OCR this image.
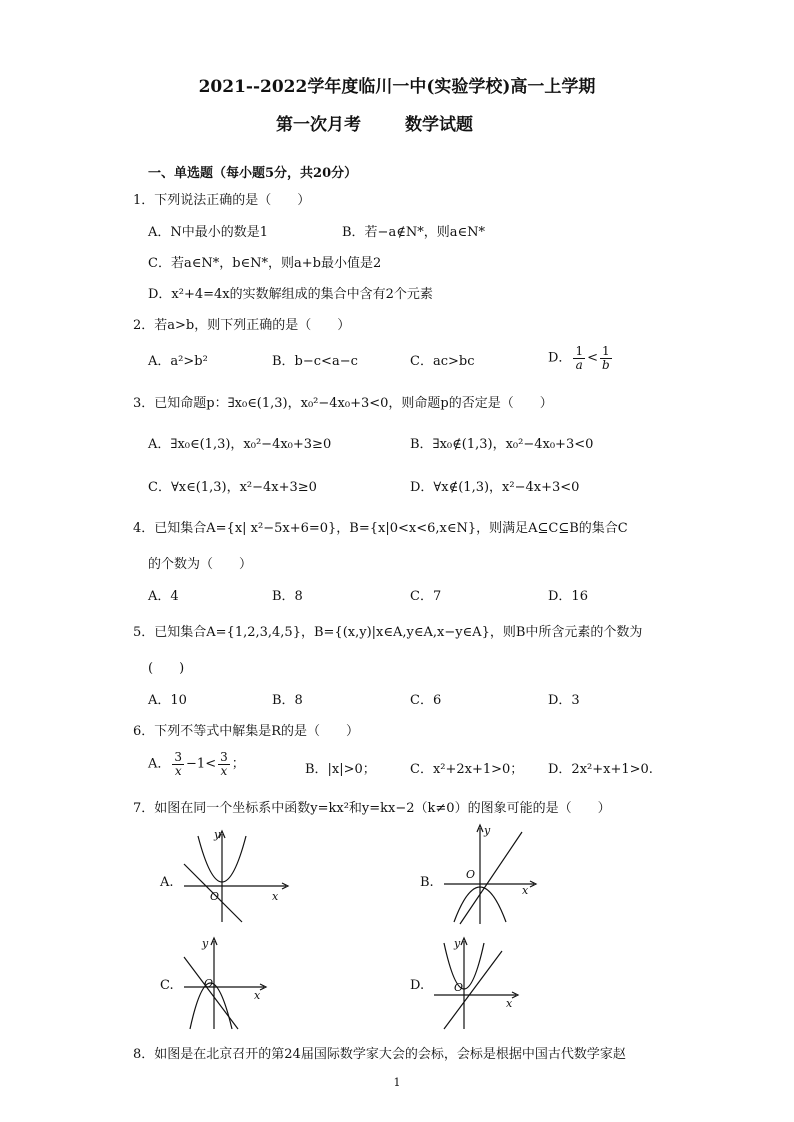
2021--2022学年度临川一中(实验学校)高一上学期
第一次月考	数学试题
一、单选题（每小题5分，共20分）
1．下列说法正确的是（　　）
A．N中最小的数是1	B．若−a∉N*，则a∈N*
C．若a∈N*，b∈N*，则a+b最小值是2
D．x²+4=4x的实数解组成的集合中含有2个元素
2．若a>b，则下列正确的是（　　）
A．a²>b²	B．b−c<a−c	C．ac>bc	D． $\frac{1}{a} < \frac{1}{b}$
3．已知命题p：∃x₀∈(1,3)，x₀²−4x₀+3<0，则命题p的否定是（　　）
A．∃x₀∈(1,3)，x₀²−4x₀+3≥0	B．∃x₀∉(1,3)，x₀²−4x₀+3<0
C．∀x∈(1,3)，x²−4x+3≥0	D．∀x∉(1,3)，x²−4x+3<0
4．已知集合A={x| x²−5x+6=0}，B={x|0<x<6,x∈N}，则满足A⊆C⊆B的集合C
的个数为（　　）
A．4	B．8	C．7	D．16
5．已知集合A={1,2,3,4,5}，B={(x,y)|x∈A,y∈A,x−y∈A}，则B中所含元素的个数为
(　　)
A．10	B．8	C．6	D．3
6．下列不等式中解集是R的是（　　）
A． $\frac{3}{x} -1< \frac{3}{x}$ ；	B．|x|>0；	C．x²+2x+1>0； D．2x²+x+1>0.
7．如图在同一个坐标系中函数y=kx²和y=kx−2（k≠0）的图象可能的是（　　）
A.
y
x
O
B.
y
x
O
C.
y
x
O	D.
y
x
O
8．如图是在北京召开的第24届国际数学家大会的会标，会标是根据中国古代数学家赵
1
